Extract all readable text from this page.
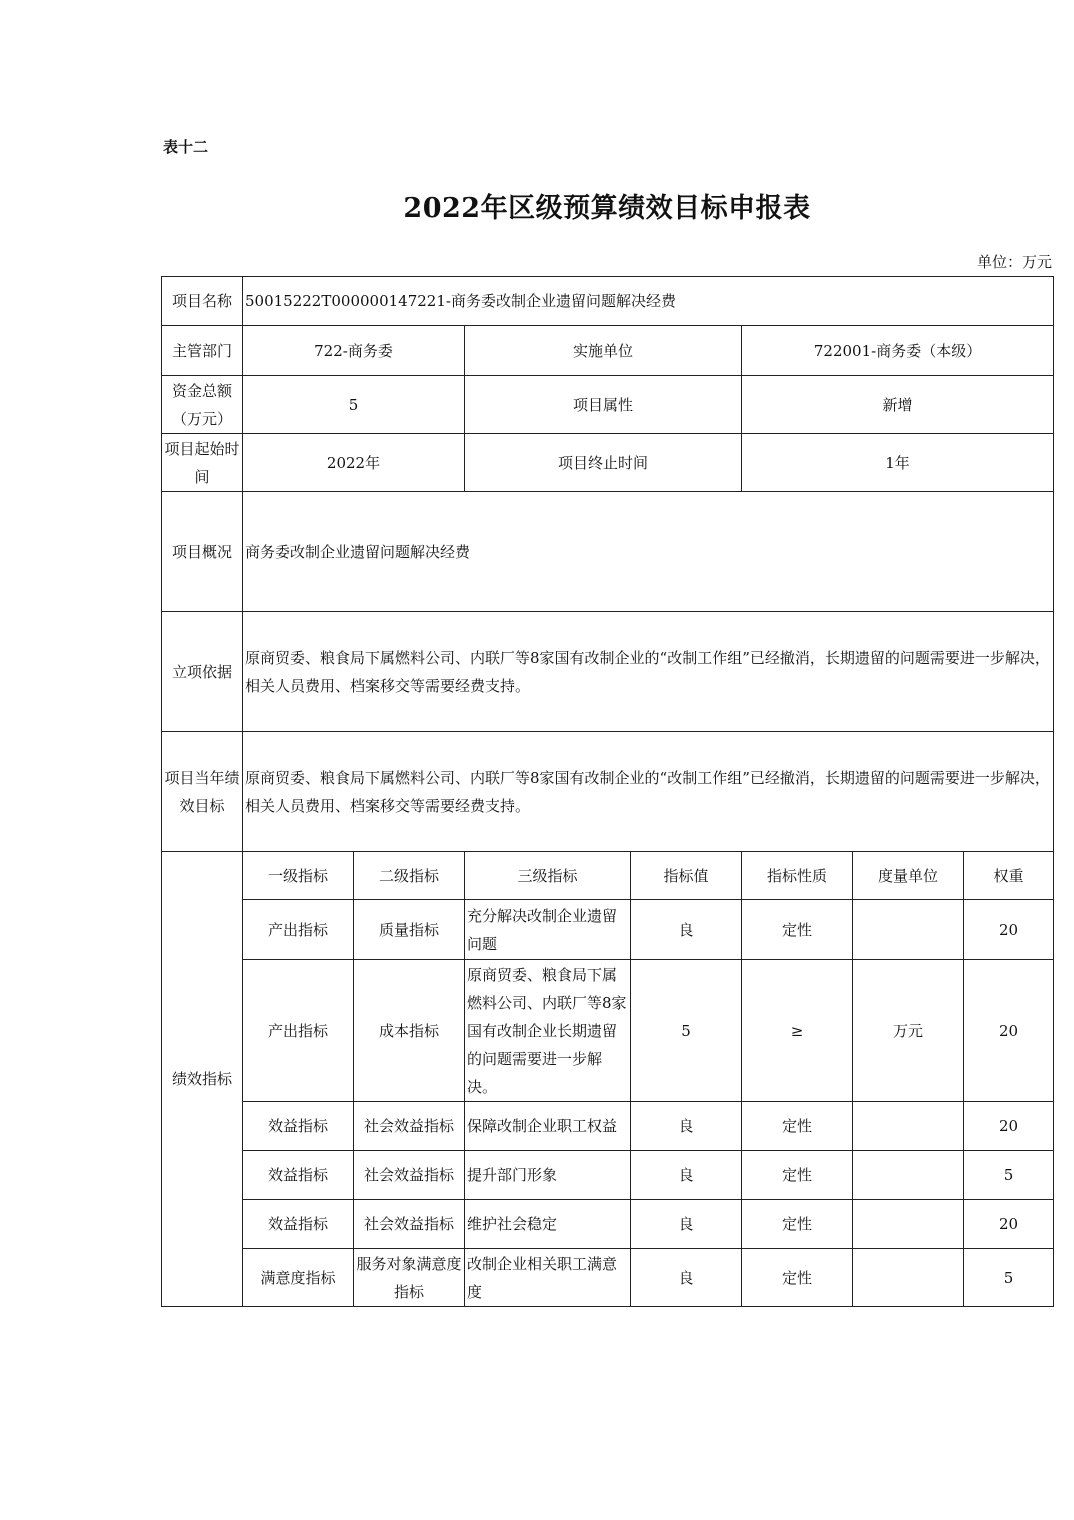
表十二
2022年区级预算绩效目标申报表
单位：万元
项目名称	50015222T000000147221-商务委改制企业遗留问题解决经费						
主管部门	722-商务委		实施单位		722001-商务委（本级）		
资金总额（万元）	5		项目属性		新增		
项目起始时间	2022年		项目终止时间		1年		
项目概况	商务委改制企业遗留问题解决经费						
立项依据	原商贸委、粮食局下属燃料公司、内联厂等8家国有改制企业的“改制工作组”已经撤消，长期遗留的问题需要进一步解决，相关人员费用、档案移交等需要经费支持。						
项目当年绩效目标	原商贸委、粮食局下属燃料公司、内联厂等8家国有改制企业的“改制工作组”已经撤消，长期遗留的问题需要进一步解决，相关人员费用、档案移交等需要经费支持。						
绩效指标	一级指标	二级指标	三级指标	指标值	指标性质	度量单位	权重
	产出指标	质量指标	充分解决改制企业遗留问题	良	定性		20
	产出指标	成本指标	原商贸委、粮食局下属燃料公司、内联厂等8家国有改制企业长期遗留的问题需要进一步解决。	5	≥	万元	20
	效益指标	社会效益指标	保障改制企业职工权益	良	定性		20
	效益指标	社会效益指标	提升部门形象	良	定性		5
	效益指标	社会效益指标	维护社会稳定	良	定性		20
	满意度指标	服务对象满意度指标	改制企业相关职工满意度	良	定性		5
